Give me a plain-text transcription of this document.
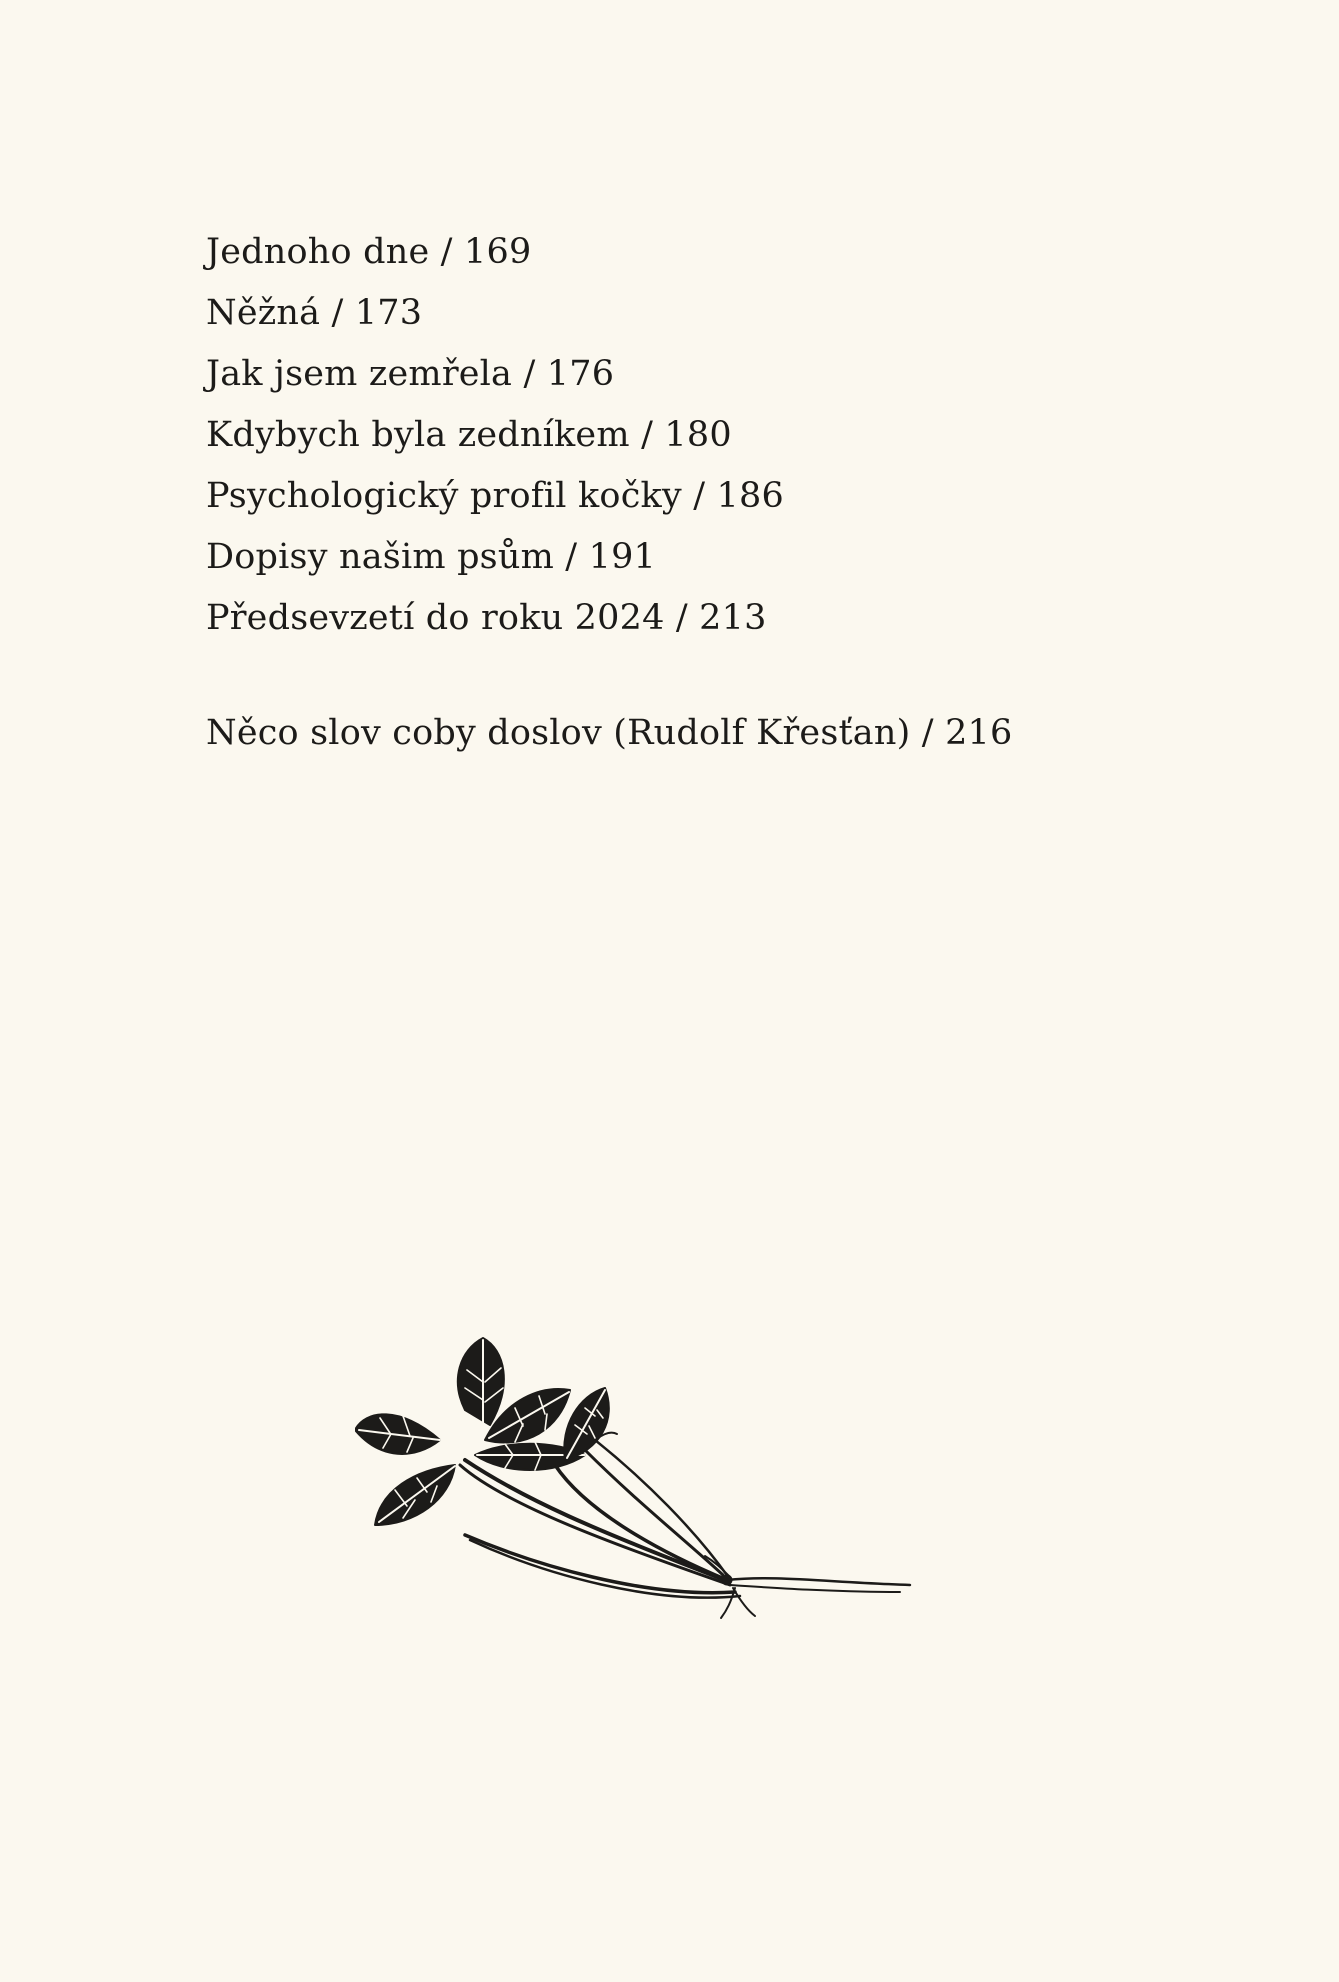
Jednoho dne / 169
Něžná / 173
Jak jsem zemřela / 176
Kdybych byla zedníkem / 180
Psychologický profil kočky / 186
Dopisy našim psům / 191
Předsevzetí do roku 2024 / 213
Něco slov coby doslov (Rudolf Křesťan) / 216
